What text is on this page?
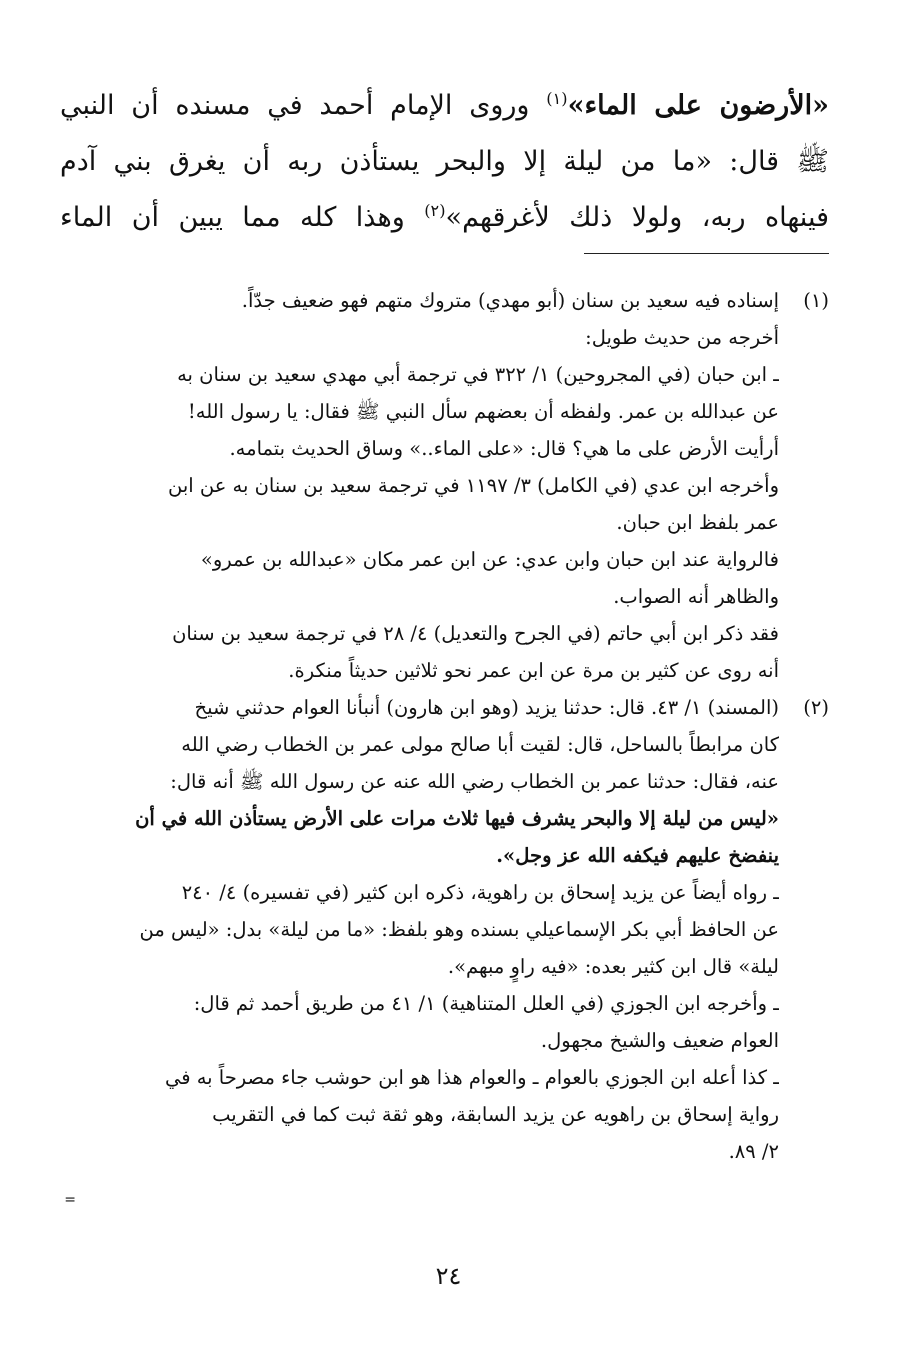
«الأرضون على الماء»$^{(١)}$ وروى الإمام أحمد في مسنده أن النبي
ﷺ قال: «ما من ليلة إلا والبحر يستأذن ربه أن يغرق بني آدم
فينهاه ربه، ولولا ذلك لأغرقهم»$^{(٢)}$ وهذا كله مما يبين أن الماء
(١)
إسناده فيه سعيد بن سنان (أبو مهدي) متروك متهم فهو ضعيف جدّاً.
أخرجه من حديث طويل:
ـ ابن حبان (في المجروحين) ١/ ٣٢٢ في ترجمة أبي مهدي سعيد بن سنان به
عن عبدالله بن عمر. ولفظه أن بعضهم سأل النبي ﷺ فقال: يا رسول الله!
أرأيت الأرض على ما هي؟ قال: «على الماء..» وساق الحديث بتمامه.
وأخرجه ابن عدي (في الكامل) ٣/ ١١٩٧ في ترجمة سعيد بن سنان به عن ابن
عمر بلفظ ابن حبان.
فالرواية عند ابن حبان وابن عدي: عن ابن عمر مكان «عبدالله بن عمرو»
والظاهر أنه الصواب.
فقد ذكر ابن أبي حاتم (في الجرح والتعديل) ٤/ ٢٨ في ترجمة سعيد بن سنان
أنه روى عن كثير بن مرة عن ابن عمر نحو ثلاثين حديثاً منكرة.
(٢)
(المسند) ١/ ٤٣. قال: حدثنا يزيد (وهو ابن هارون) أنبأنا العوام حدثني شيخ
كان مرابطاً بالساحل، قال: لقيت أبا صالح مولى عمر بن الخطاب رضي الله
عنه، فقال: حدثنا عمر بن الخطاب رضي الله عنه عن رسول الله ﷺ أنه قال:
«ليس من ليلة إلا والبحر يشرف فيها ثلاث مرات على الأرض يستأذن الله في أن
ينفضخ عليهم فيكفه الله عز وجل».
ـ رواه أيضاً عن يزيد إسحاق بن راهوية، ذكره ابن كثير (في تفسيره) ٤/ ٢٤٠
عن الحافظ أبي بكر الإسماعيلي بسنده وهو بلفظ: «ما من ليلة» بدل: «ليس من
ليلة» قال ابن كثير بعده: «فيه راوٍ مبهم».
ـ وأخرجه ابن الجوزي (في العلل المتناهية) ١/ ٤١ من طريق أحمد ثم قال:
العوام ضعيف والشيخ مجهول.
ـ كذا أعله ابن الجوزي بالعوام ـ والعوام هذا هو ابن حوشب جاء مصرحاً به في
رواية إسحاق بن راهويه عن يزيد السابقة، وهو ثقة ثبت كما في التقريب
٢/ ٨٩.
=
٢٤
